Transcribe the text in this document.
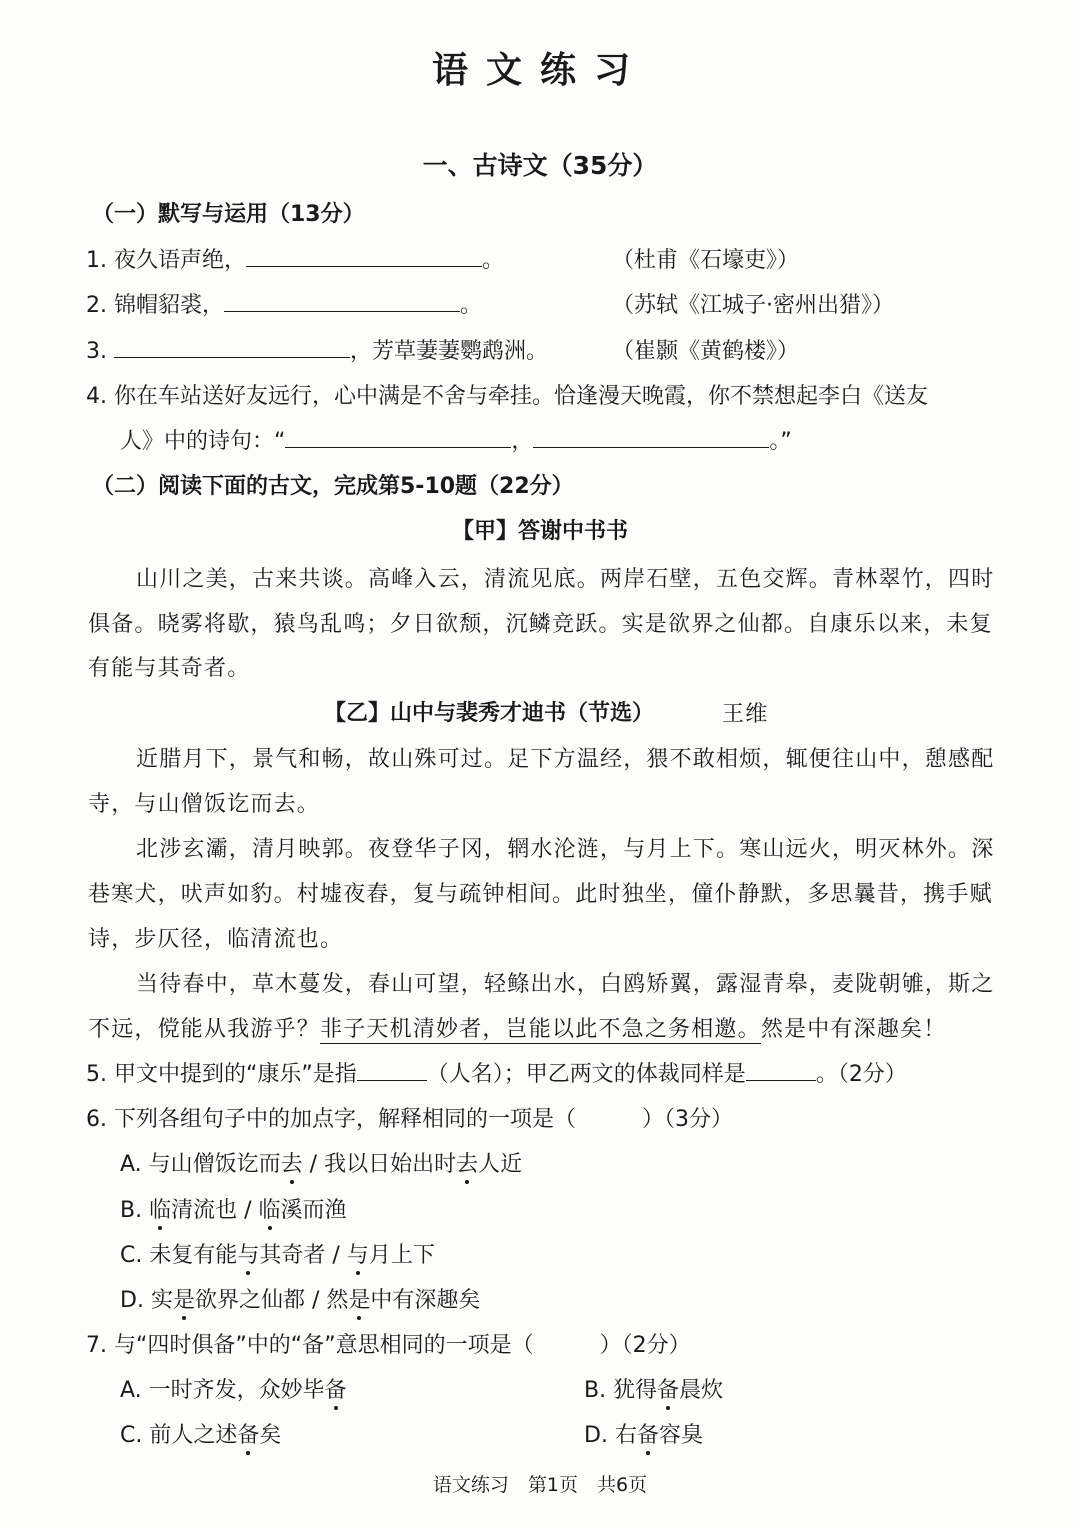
语文练习
一、古诗文（35分）
（一）默写与运用（13分）
1. 夜久语声绝，	。	（杜甫《石壕吏》）
2. 锦帽貂裘，	。	（苏轼《江城子·密州出猎》）
3.	，芳草萋萋鹦鹉洲。	（崔颢《黄鹤楼》）
4. 你在车站送好友远行，心中满是不舍与牵挂。恰逢漫天晚霞，你不禁想起李白《送友
人》中的诗句：“	，	。”
（二）阅读下面的古文，完成第5-10题（22分）
【甲】答谢中书书
山川之美，古来共谈。高峰入云，清流见底。两岸石壁，五色交辉。青林翠竹，四时
俱备。晓雾将歇，猿鸟乱鸣；夕日欲颓，沉鳞竞跃。实是欲界之仙都。自康乐以来，未复
有能与其奇者。
【乙】山中与裴秀才迪书（节选）	王维
近腊月下，景气和畅，故山殊可过。足下方温经，猥不敢相烦，辄便往山中，憩感配
寺，与山僧饭讫而去。
北涉玄灞，清月映郭。夜登华子冈，辋水沦涟，与月上下。寒山远火，明灭林外。深
巷寒犬，吠声如豹。村墟夜舂，复与疏钟相间。此时独坐，僮仆静默，多思曩昔，携手赋
诗，步仄径，临清流也。
当待春中，草木蔓发，春山可望，轻鲦出水，白鸥矫翼，露湿青皋，麦陇朝雊，斯之
不远，傥能从我游乎？非子天机清妙者，岂能以此不急之务相邀。然是中有深趣矣！
5. 甲文中提到的“康乐”是指	（人名）；甲乙两文的体裁同样是	。（2分）
6. 下列各组句子中的加点字，解释相同的一项是（	）（3分）
A. 与山僧饭讫而去 / 我以日始出时去人近
B. 临清流也 / 临溪而渔
C. 未复有能与其奇者 / 与月上下
D. 实是欲界之仙都 / 然是中有深趣矣
7. 与“四时俱备”中的“备”意思相同的一项是（	）（2分）
A. 一时齐发，众妙毕备	B. 犹得备晨炊
C. 前人之述备矣	D. 右备容臭
语文练习　第1页　共6页
